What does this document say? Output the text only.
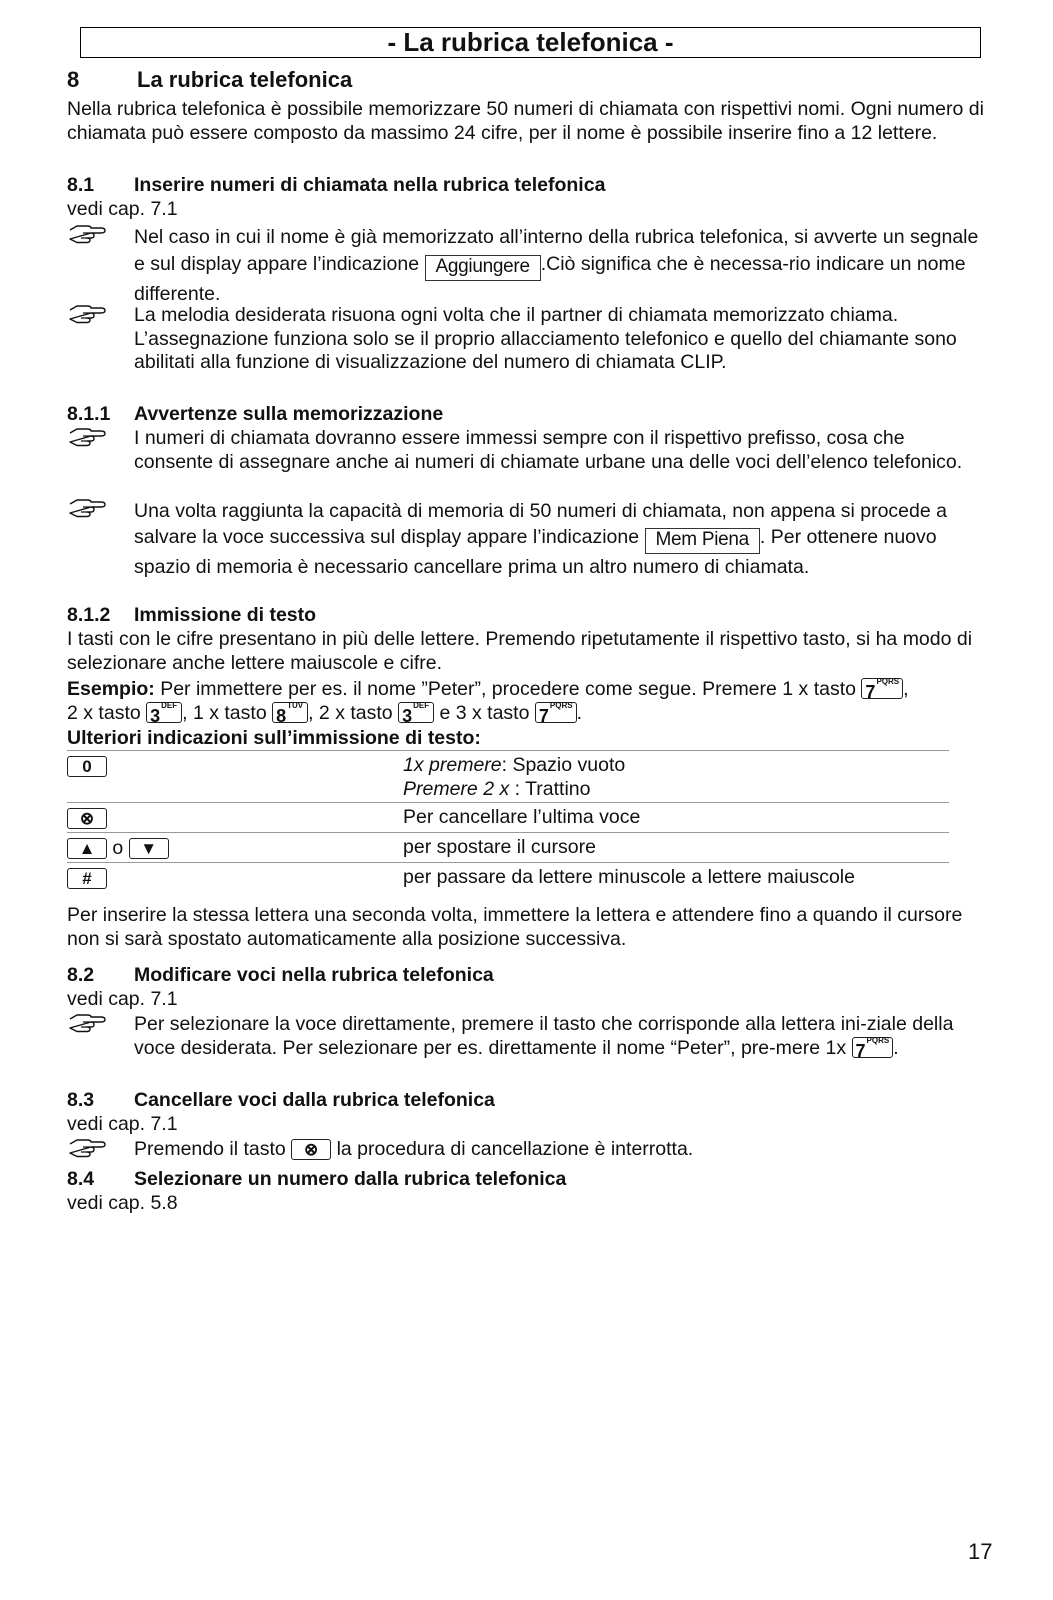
- La rubrica telefonica -
8	La rubrica telefonica
Nella rubrica telefonica è possibile memorizzare 50 numeri di chiamata con rispettivi nomi. Ogni numero di chiamata può essere composto da massimo 24 cifre, per il nome è possibile inserire fino a 12 lettere.
8.1 Inserire numeri di chiamata nella rubrica telefonica
vedi cap. 7.1
Nel caso in cui il nome è già memorizzato all’interno della rubrica telefonica, si avverte un segnale e sul display appare l’indicazione Aggiungere .Ciò significa che è necessa-rio indicare un nome differente.
La melodia desiderata risuona ogni volta che il partner di chiamata memorizzato chiama. L’assegnazione funziona solo se il proprio allacciamento telefonico e quello del chiamante sono abilitati alla funzione di visualizzazione del numero di chiamata CLIP.
8.1.1 Avvertenze sulla memorizzazione
I numeri di chiamata dovranno essere immessi sempre con il rispettivo prefisso, cosa che consente di assegnare anche ai numeri di chiamate urbane una delle voci dell’elenco telefonico.
Una volta raggiunta la capacità di memoria di 50 numeri di chiamata, non appena si procede a salvare la voce successiva sul display appare l’indicazione Mem Piena . Per ottenere nuovo spazio di memoria è necessario cancellare prima un altro numero di chiamata.
8.1.2 Immissione di testo
I tasti con le cifre presentano in più delle lettere. Premendo ripetutamente il rispettivo tasto, si ha modo di selezionare anche lettere maiuscole e cifre.
Esempio: Per immettere per es. il nome ”Peter”, procedere come segue. Premere 1 x tasto $7^{PQRS}$ ,
2 x tasto $3^{DEF}$ , 1 x tasto $8^{TUV}$ , 2 x tasto $3^{DEF}$ e 3 x tasto $7^{PQRS}$ .
Ulteriori indicazioni sull’immissione di testo:
0	1x premere: Spazio vuoto
Premere 2 x : Trattino
⊗	Per cancellare l’ultima voce
▲ o ▼	per spostare il cursore
#	per passare da lettere minuscole a lettere maiuscole
Per inserire la stessa lettera una seconda volta, immettere la lettera e attendere fino a quando il cursore non si sarà spostato automaticamente alla posizione successiva.
8.2 Modificare voci nella rubrica telefonica
vedi cap. 7.1
Per selezionare la voce direttamente, premere il tasto che corrisponde alla lettera ini-ziale della voce desiderata. Per selezionare per es. direttamente il nome “Peter”, pre-mere 1x $7^{PQRS}$ .
8.3 Cancellare voci dalla rubrica telefonica
vedi cap. 7.1
Premendo il tasto ⊗ la procedura di cancellazione è interrotta.
8.4 Selezionare un numero dalla rubrica telefonica
vedi cap. 5.8
17
